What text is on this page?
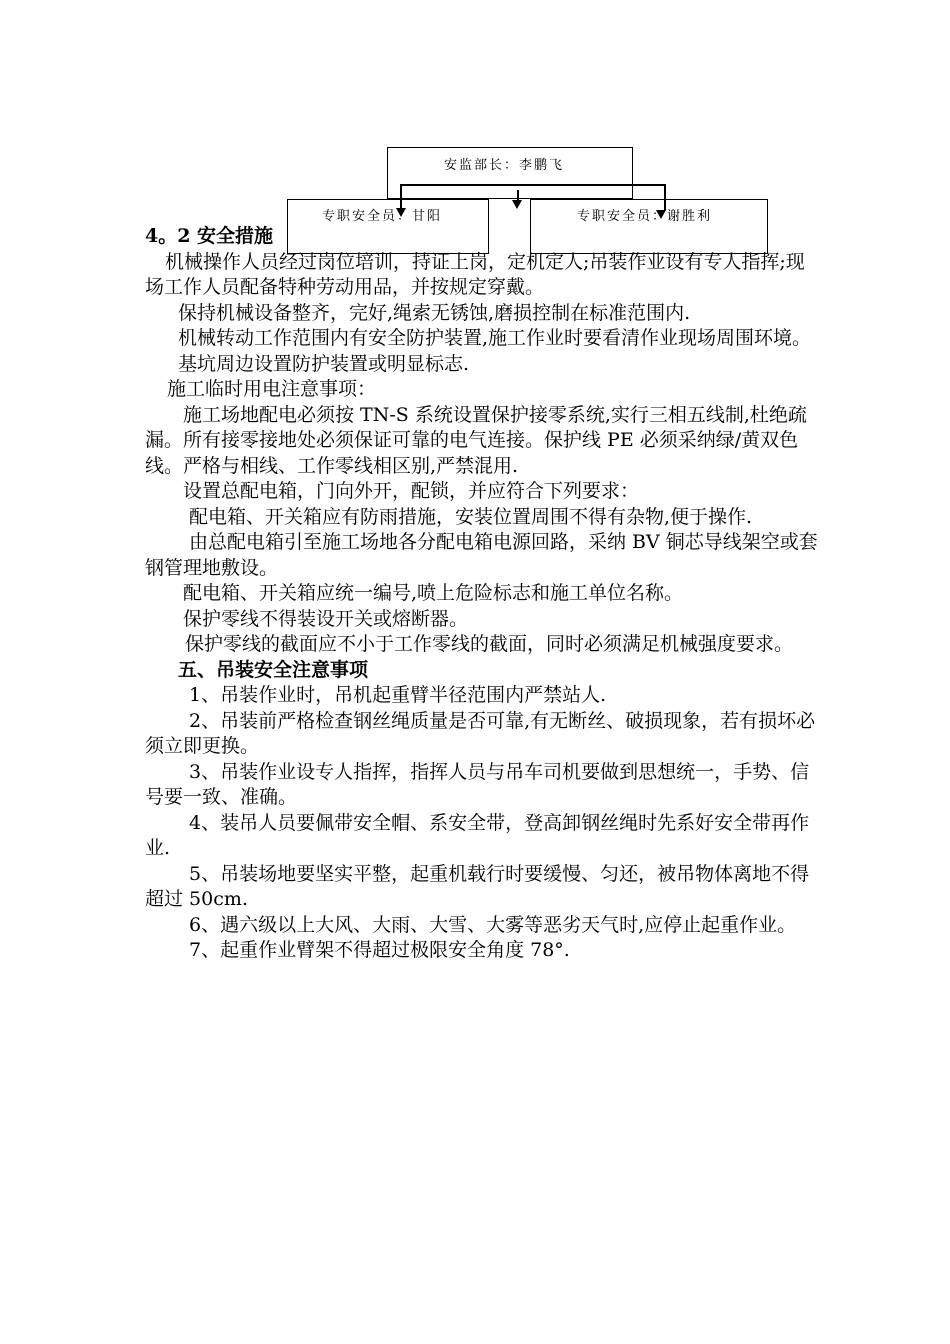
安监部长：李鹏飞
专职安全员：甘阳	专职安全员：谢胜利

4。2 安全措施

机械操作人员经过岗位培训，持证上岗，定机定人;吊装作业设有专人指挥;现场工作人员配备特种劳动用品，并按规定穿戴。

保持机械设备整齐，完好,绳索无锈蚀,磨损控制在标准范围内.

机械转动工作范围内有安全防护装置,施工作业时要看清作业现场周围环境。

基坑周边设置防护装置或明显标志.

施工临时用电注意事项：

施工场地配电必须按 TN-S 系统设置保护接零系统,实行三相五线制,杜绝疏漏。所有接零接地处必须保证可靠的电气连接。保护线 PE 必须采纳绿/黄双色线。严格与相线、工作零线相区别,严禁混用.

设置总配电箱，门向外开，配锁，并应符合下列要求：

配电箱、开关箱应有防雨措施，安装位置周围不得有杂物,便于操作.

由总配电箱引至施工场地各分配电箱电源回路，采纳 BV 铜芯导线架空或套钢管理地敷设。

配电箱、开关箱应统一编号,喷上危险标志和施工单位名称。

保护零线不得装设开关或熔断器。

保护零线的截面应不小于工作零线的截面，同时必须满足机械强度要求。

五、吊装安全注意事项

1、吊装作业时，吊机起重臂半径范围内严禁站人.

2、吊装前严格检查钢丝绳质量是否可靠,有无断丝、破损现象，若有损坏必须立即更换。

3、吊装作业设专人指挥，指挥人员与吊车司机要做到思想统一，手势、信号要一致、准确。

4、装吊人员要佩带安全帽、系安全带，登高卸钢丝绳时先系好安全带再作业.

5、吊装场地要坚实平整，起重机载行时要缓慢、匀还，被吊物体离地不得超过 50cm.

6、遇六级以上大风、大雨、大雪、大雾等恶劣天气时,应停止起重作业。

7、起重作业臂架不得超过极限安全角度 78°.
